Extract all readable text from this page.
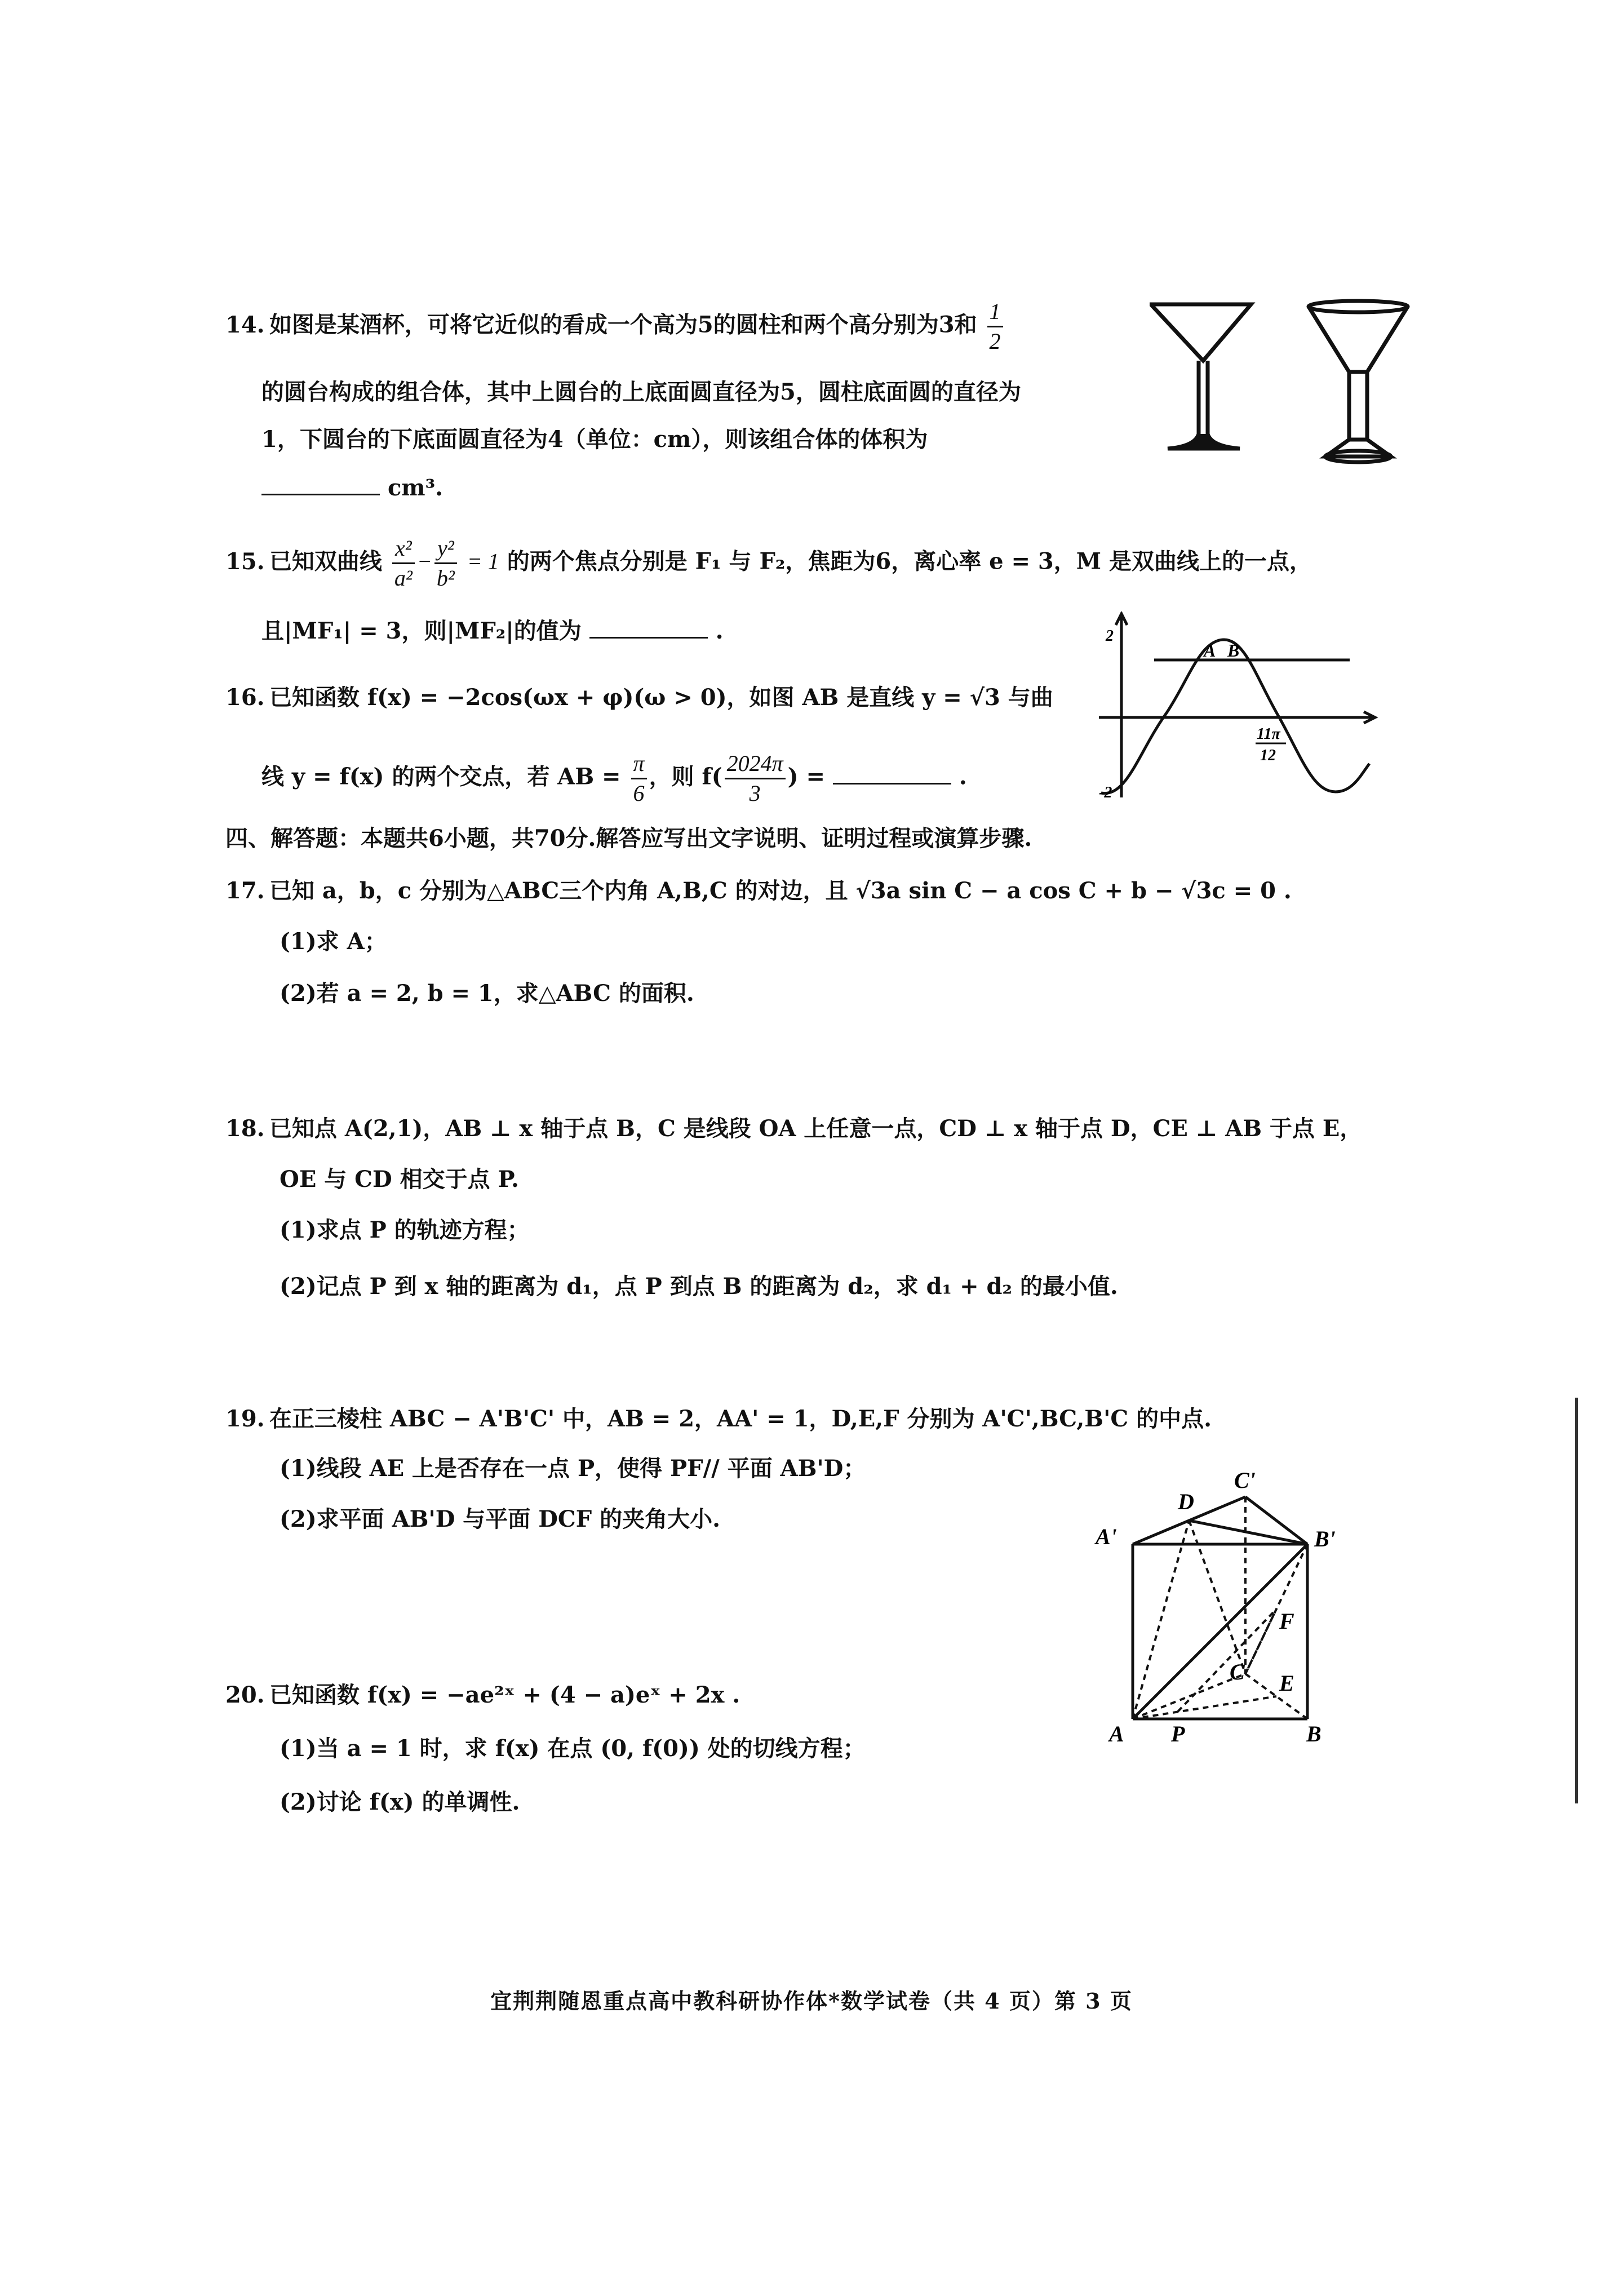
14. 如图是某酒杯，可将它近似的看成一个高为5的圆柱和两个高分别为3和 $\frac{1}{2}$
的圆台构成的组合体，其中上圆台的上底面圆直径为5，圆柱底面圆的直径为
1，下圆台的下底面圆直径为4（单位：cm），则该组合体的体积为
cm³.
15. 已知双曲线 $\frac{\text{x²}}{\text{a²}} - \frac{\text{y²}}{\text{b²}} = 1$ 的两个焦点分别是 F₁ 与 F₂，焦距为6，离心率 e = 3，M 是双曲线上的一点，
且|MF₁| = 3，则|MF₂|的值为	.
16. 已知函数 f(x) = −2cos(ωx + φ)(ω > 0)，如图 AB 是直线 y = √3 与曲
线 y = f(x) 的两个交点，若 AB = $\frac{\pi}{6}$ ，则 $f( \frac{2024\pi}{3}$ ) =	.
2
-2
A B
11π
12
四、解答题：本题共6小题，共70分.解答应写出文字说明、证明过程或演算步骤.
17. 已知 a，b，c 分别为△ABC三个内角 A,B,C 的对边，且 √3a sin C − a cos C + b − √3c = 0 .
(1)求 A；
(2)若 a = 2, b = 1，求△ABC 的面积.
18. 已知点 A(2,1)，AB ⊥ x 轴于点 B，C 是线段 OA 上任意一点，CD ⊥ x 轴于点 D，CE ⊥ AB 于点 E，
OE 与 CD 相交于点 P.
(1)求点 P 的轨迹方程；
(2)记点 P 到 x 轴的距离为 d₁，点 P 到点 B 的距离为 d₂，求 d₁ + d₂ 的最小值.
19. 在正三棱柱 ABC − A'B'C' 中，AB = 2，AA' = 1，D,E,F 分别为 A'C',BC,B'C 的中点.
(1)线段 AE 上是否存在一点 P，使得 PF// 平面 AB'D；
(2)求平面 AB'D 与平面 DCF 的夹角大小.
A P	B
C E
F
A'	B'
C'
D
20. 已知函数 f(x) = −ae²ˣ + (4 − a)eˣ + 2x .
(1)当 a = 1 时，求 f(x) 在点 (0, f(0)) 处的切线方程；
(2)讨论 f(x) 的单调性.
宜荆荆随恩重点高中教科研协作体*数学试卷（共 4 页）第 3 页
